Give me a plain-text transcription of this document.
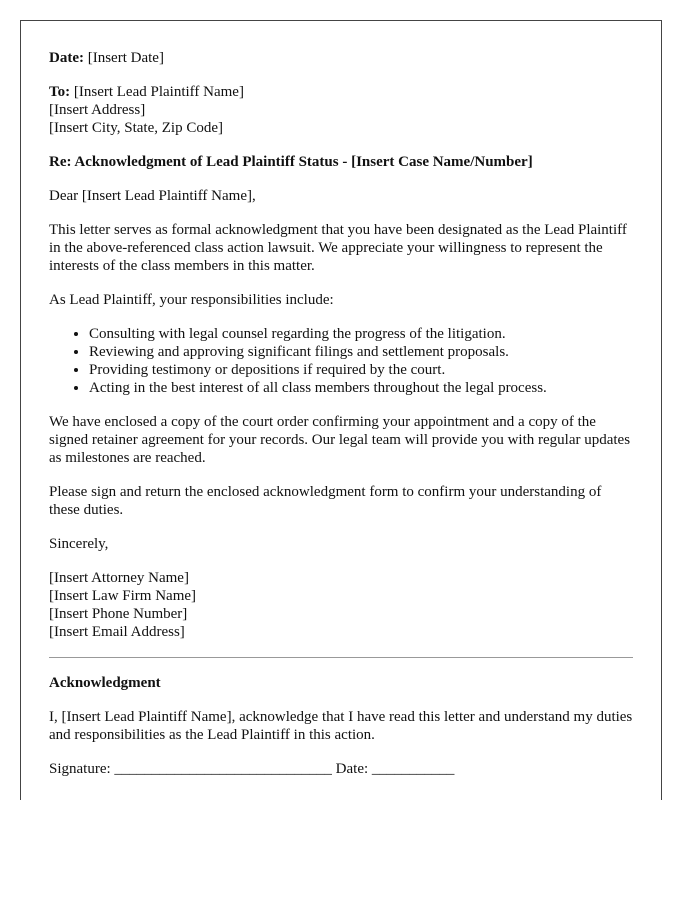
Date: [Insert Date]

To: [Insert Lead Plaintiff Name]
[Insert Address]
[Insert City, State, Zip Code]

Re: Acknowledgment of Lead Plaintiff Status - [Insert Case Name/Number]

Dear [Insert Lead Plaintiff Name],

This letter serves as formal acknowledgment that you have been designated as the Lead Plaintiff in the above-referenced class action lawsuit. We appreciate your willingness to represent the interests of the class members in this matter.

As Lead Plaintiff, your responsibilities include:

• Consulting with legal counsel regarding the progress of the litigation.
• Reviewing and approving significant filings and settlement proposals.
• Providing testimony or depositions if required by the court.
• Acting in the best interest of all class members throughout the legal process.

We have enclosed a copy of the court order confirming your appointment and a copy of the signed retainer agreement for your records. Our legal team will provide you with regular updates as milestones are reached.

Please sign and return the enclosed acknowledgment form to confirm your understanding of these duties.

Sincerely,

[Insert Attorney Name]
[Insert Law Firm Name]
[Insert Phone Number]
[Insert Email Address]

Acknowledgment

I, [Insert Lead Plaintiff Name], acknowledge that I have read this letter and understand my duties and responsibilities as the Lead Plaintiff in this action.

Signature: _____________________________ Date: ___________
